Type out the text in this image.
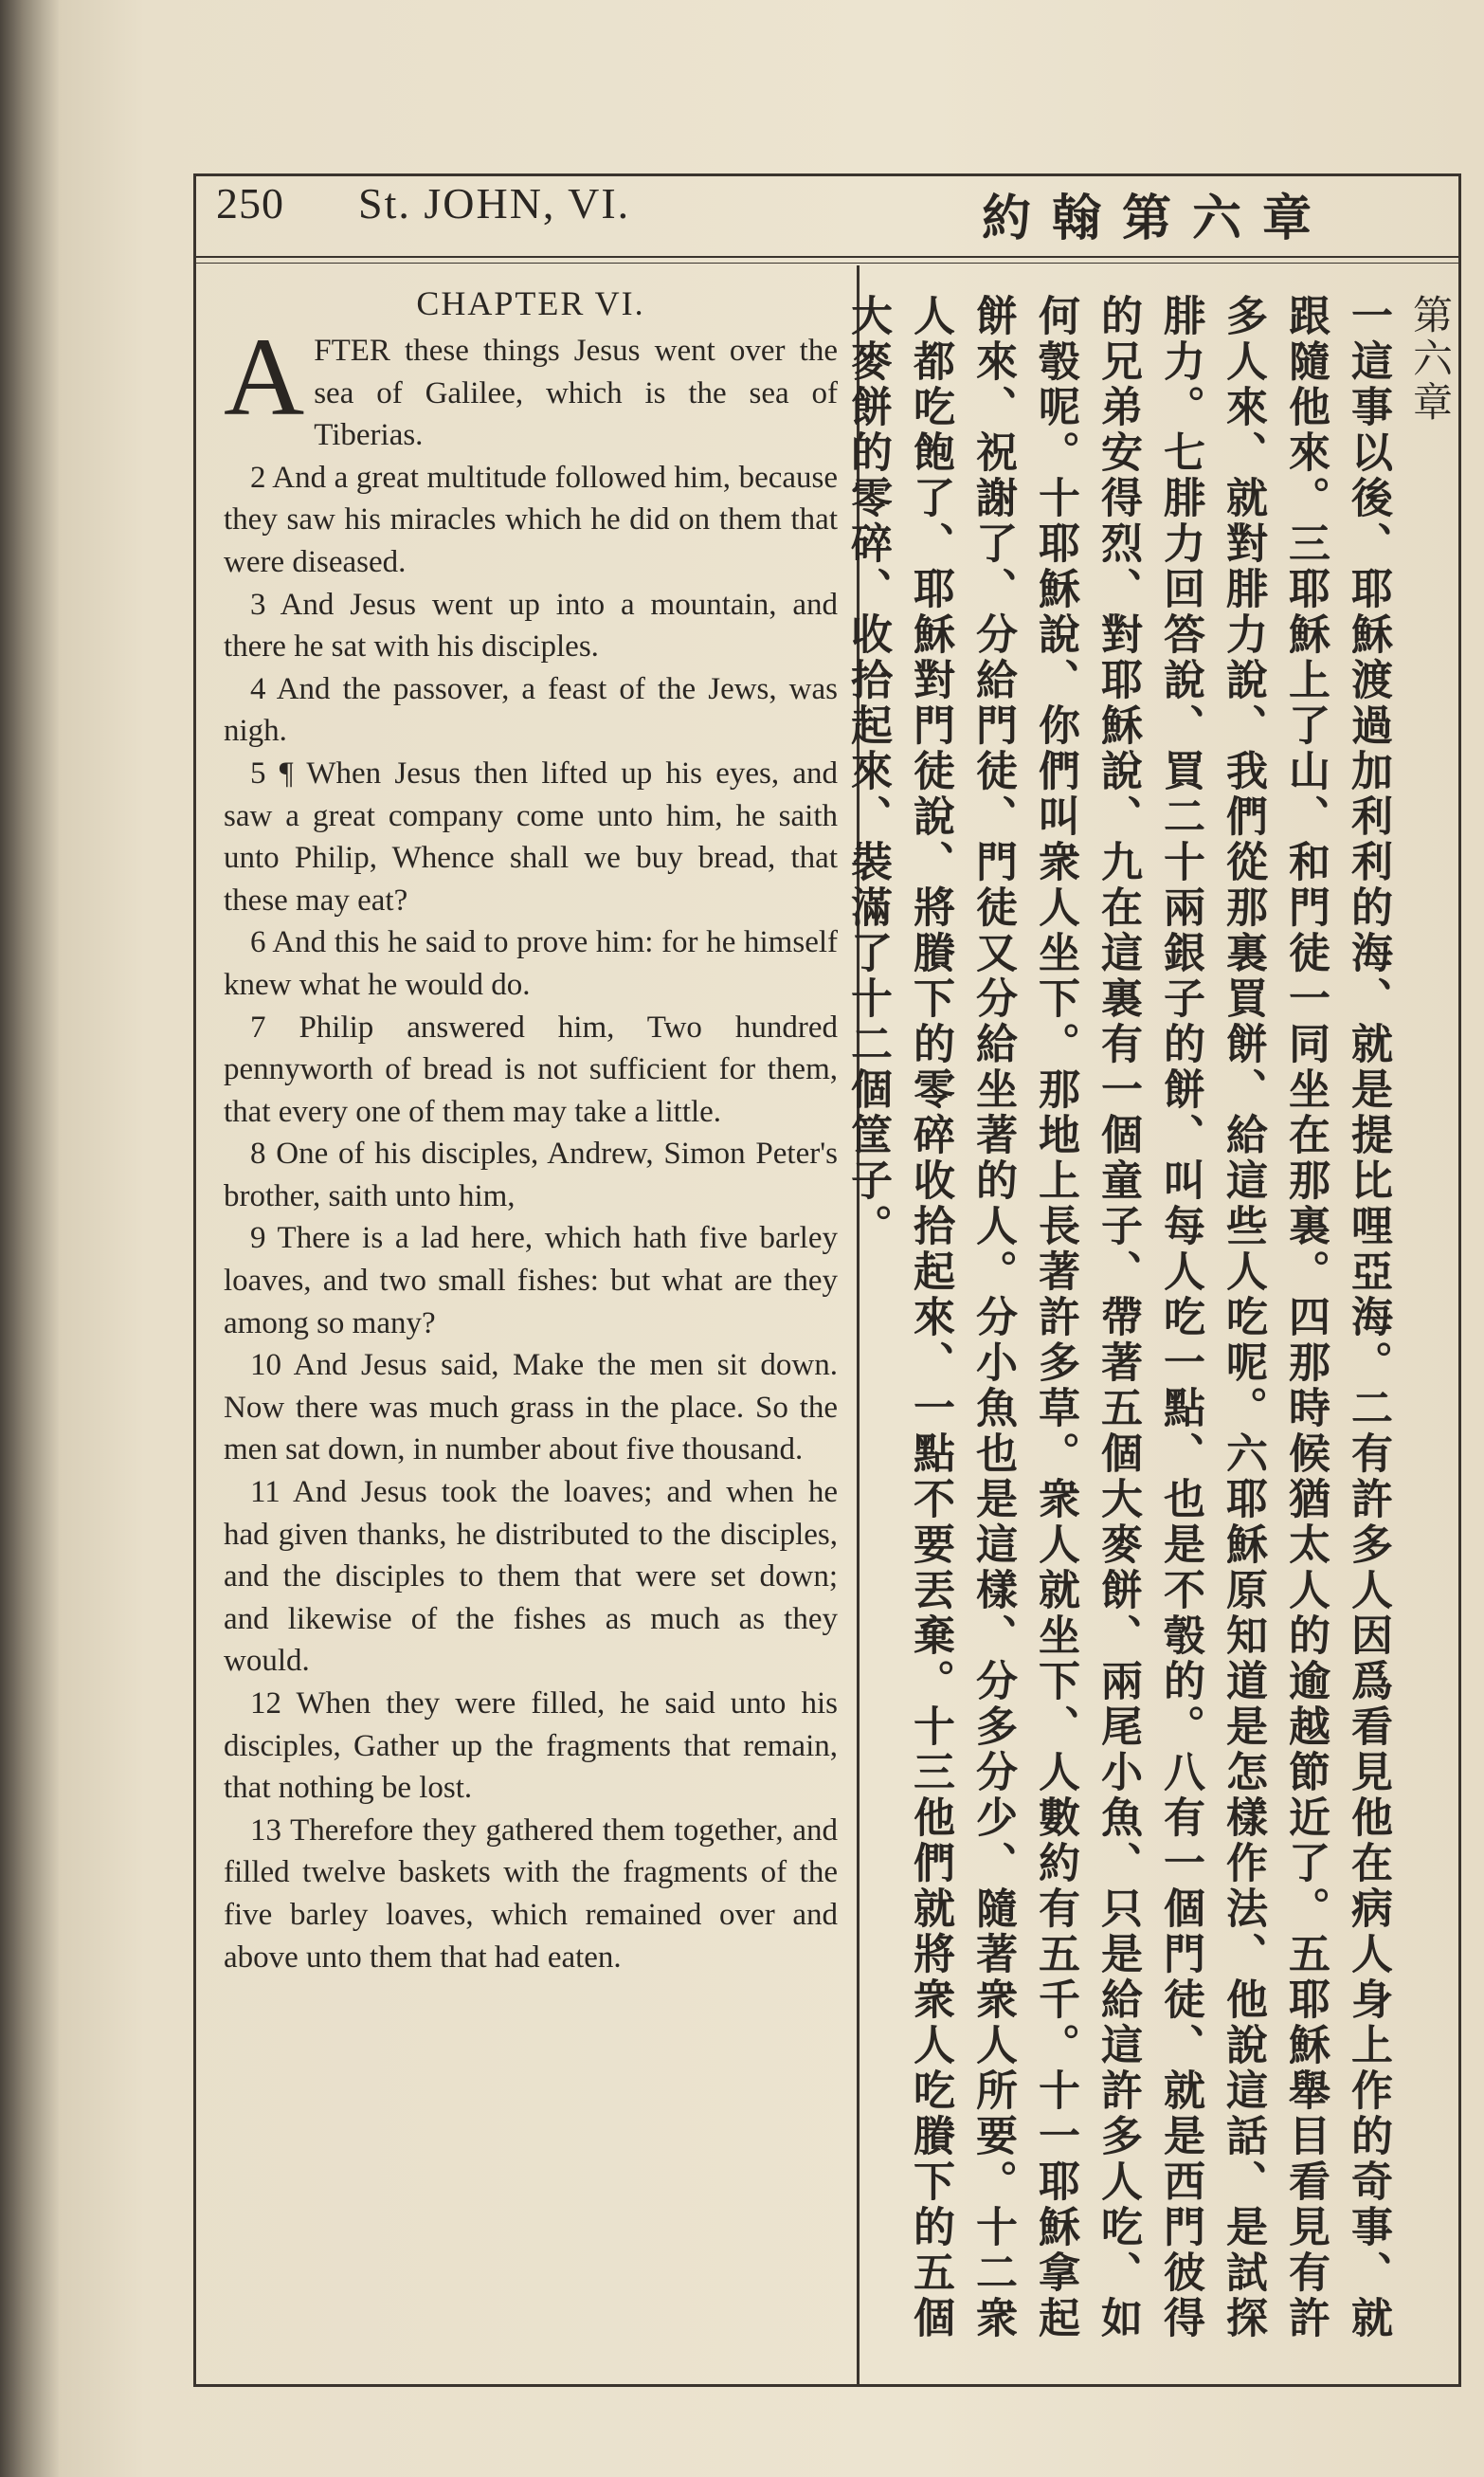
250 St. JOHN, VI.	約翰第六章
CHAPTER VI.

AFTER these things Jesus went over the sea of Galilee, which is the sea of Tiberias.

2 And a great multitude followed him, because they saw his miracles which he did on them that were diseased.

3 And Jesus went up into a mountain, and there he sat with his disciples.

4 And the passover, a feast of the Jews, was nigh.

5 ¶ When Jesus then lifted up his eyes, and saw a great company come unto him, he saith unto Philip, Whence shall we buy bread, that these may eat?

6 And this he said to prove him: for he himself knew what he would do.

7 Philip answered him, Two hundred pennyworth of bread is not sufficient for them, that every one of them may take a little.

8 One of his disciples, Andrew, Simon Peter's brother, saith unto him,

9 There is a lad here, which hath five barley loaves, and two small fishes: but what are they among so many?

10 And Jesus said, Make the men sit down. Now there was much grass in the place. So the men sat down, in number about five thousand.

11 And Jesus took the loaves; and when he had given thanks, he distributed to the disciples, and the disciples to them that were set down; and likewise of the fishes as much as they would.

12 When they were filled, he said unto his disciples, Gather up the fragments that remain, that nothing be lost.

13 Therefore they gathered them together, and filled twelve baskets with the fragments of the five barley loaves, which remained over and above unto them that had eaten.

第六章

一這事以後、耶穌渡過加利利的海、就是提比哩亞海。二有許多人因爲看見他在病人身上作的奇事、就跟隨他來。三耶穌上了山、和門徒一同坐在那裏。四那時候猶太人的逾越節近了。五耶穌舉目看見有許多人來、就對腓力說、我們從那裏買餅、給這些人吃呢。六耶穌原知道是怎樣作法、他說這話、是試探腓力。七腓力回答說、買二十兩銀子的餅、叫每人吃一點、也是不彀的。八有一個門徒、就是西門彼得的兄弟安得烈、對耶穌說、九在這裏有一個童子、帶著五個大麥餅、兩尾小魚、只是給這許多人吃、如何彀呢。十耶穌說、你們叫衆人坐下。那地上長著許多草。衆人就坐下、人數約有五千。十一耶穌拿起餅來、祝謝了、分給門徒、門徒又分給坐著的人。分小魚也是這樣、分多分少、隨著衆人所要。十二衆人都吃飽了、耶穌對門徒說、將賸下的零碎收拾起來、一點不要丟棄。十三他們就將衆人吃賸下的五個大麥餅的零碎、收拾起來、裝滿了十二個筐子。
